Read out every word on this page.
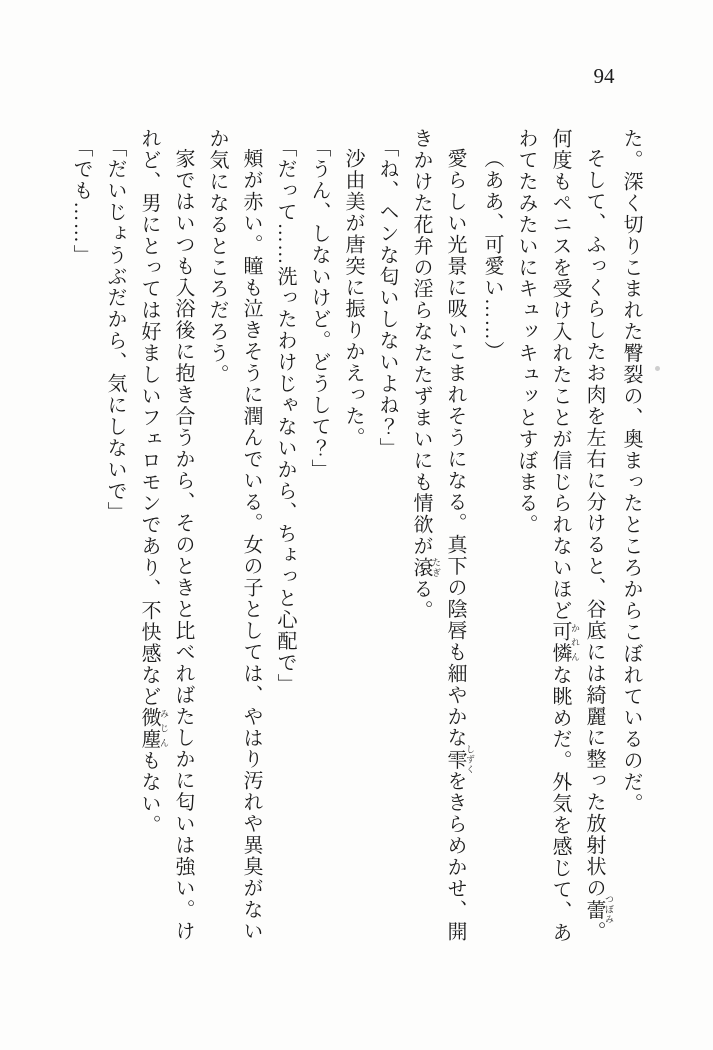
94

た。深く切りこまれた臀裂の、奥まったところからこぼれているのだ。

そして、ふっくらしたお肉を左右に分けると、谷底には綺麗に整った放射状の蕾 つぼみ。何度もペニスを受け入れたことが信じられないほど可憐 かれんな眺めだ。外気を感じて、あわてたみたいにキュッキュッとすぼまる。

（ああ、可愛い……）

愛らしい光景に吸いこまれそうになる。真下の陰唇も細やかな雫 しずくをきらめかせ、開きかけた花弁の淫らなたたずまいにも情欲が滾 たぎる。

「ね、ヘンな匂いしないよね？」

沙由美が唐突に振りかえった。

「うん、しないけど。どうして？」

「だって……洗ったわけじゃないから、ちょっと心配で」

頰が赤い。瞳も泣きそうに潤んでいる。女の子としては、やはり汚れや異臭がないか気になるところだろう。

家ではいつも入浴後に抱き合うから、そのときと比べればたしかに匂いは強い。けれど、男にとっては好ましいフェロモンであり、不快感など微塵 みじんもない。

「だいじょうぶだから、気にしないで」

「でも……」
